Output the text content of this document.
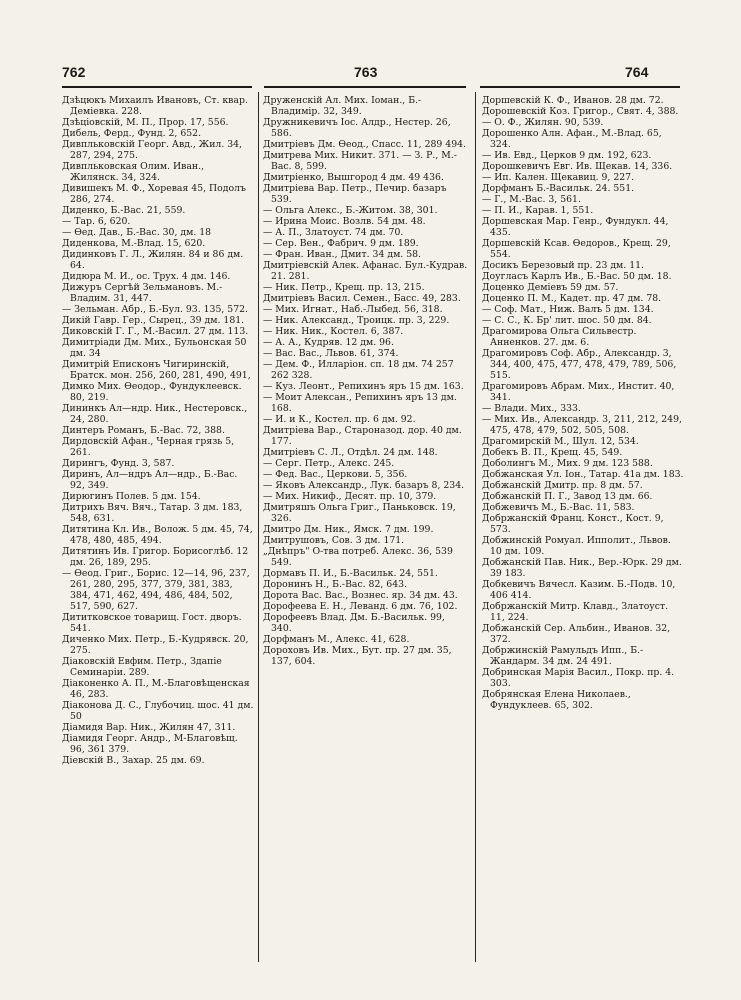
762	763	764

Дзѣцюкъ Михаилъ Ивановъ, Ст. квар. Деміевка. 228.

Дзѣціовскій, М. П., Прор. 17, 556.

Дибель, Ферд., Фунд. 2, 652.

Дивпльковскій Георг. Авд., Жил. 34, 287, 294, 275.

Дивпльковская Олим. Иван., Жилянск. 34, 324.

Дивишекъ М. Ф., Хоревая 45, Подолъ 286, 274.

Диденко, Б.-Вас. 21, 559.

— Тар. 6, 620.

— Ѳед. Дав., Б.-Вас. 30, дм. 18

Диденкова, М.-Влад. 15, 620.

Дидинковъ Г. Л., Жилян. 84 и 86 дм. 64.

Дидюра М. И., ос. Трух. 4 дм. 146.

Дижуръ Сергѣй Зельмановъ. М.-Владим. 31, 447.

— Зельман. Абр., Б.-Бул. 93. 135, 572.

Дикій Гавр. Гер., Сырец., 39 дм. 181.

Диковскій Г. Г., М.-Васил. 27 дм. 113.

Димитріади Дм. Мих., Бульонская 50 дм. 34

Димитрій Еписконъ Чигиринскій, Братск. мон. 256, 260, 281, 490, 491,

Димко Мих. Ѳеодор., Фундуклеевск. 80, 219.

Дининкъ Ал—ндр. Ник., Нестеровск., 24, 280.

Динтеръ Романъ, Б.-Вас. 72, 388.

Дирдовскій Афан., Черная грязь 5, 261.

Дирингъ, Фунд. 3, 587.

Диринъ, Ал—ндръ Ал—ндр., Б.-Вас. 92, 349.

Дирюгинъ Полев. 5 дм. 154.

Дитрихъ Вяч. Вяч., Татар. 3 дм. 183, 548, 631.

Дитятина Кл. Ив., Волож. 5 дм. 45, 74, 478, 480, 485, 494.

Дитятинъ Ив. Григор. Борисоглѣб. 12 дм. 26, 189, 295.

— Ѳеод. Григ., Борис. 12—14, 96, 237, 261, 280, 295, 377, 379, 381, 383, 384, 471, 462, 494, 486, 484, 502, 517, 590, 627.

Дититковское товарищ. Гост. дворъ. 541.

Диченко Мих. Петр., Б.-Кудрявск. 20, 275.

Діаковскій Евфим. Петр., Здапіе Семинаріи. 289.

Діаконенко А. П., М.-Благовѣщенская 46, 283.

Діаконова Д. С., Глубочиц. шос. 41 дм. 50

Діамидя Вар. Ник., Жилян 47, 311.

Діамидя Георг. Андр., М-Благовѣщ. 96, 361 379.

Діевскій В., Захар. 25 дм. 69.

Друженскій Ал. Мих. Іоман., Б.-Владимір. 32, 349.

Дружникевичъ Іос. Алдр., Нестер. 26, 586.

Дмитріевъ Дм. Ѳеод., Спасс. 11, 289 494.

Дмитрева Мих. Никит. 371. — З. Р., М.-Вас. 8, 599.

Дмитріенко, Вышгород 4 дм. 49 436.

Дмитріева Вар. Петр., Печир. базаръ 539.

— Ольга Алекс., Б.-Житом. 38, 301.

— Ирина Моис. Возлв. 54 дм. 48.

— А. П., Златоуст. 74 дм. 70.

— Сер. Вен., Фабрич. 9 дм. 189.

— Фран. Иван., Дмит. 34 дм. 58.

Дмитріевскій Алек. Афанас. Бул.-Кудрав. 21. 281.

— Ник. Петр., Крещ. пр. 13, 215.

Дмитріевъ Васил. Семен., Басс. 49, 283.

— Мих. Игнат., Наб.-Лыбед. 56, 318.

— Ник. Александ., Троицк. пр. 3, 229.

— Ник. Ник., Костел. 6, 387.

— А. А., Кудряв. 12 дм. 96.

— Вас. Вас., Львов. 61, 374.

— Дем. Ф., Илларіон. сп. 18 дм. 74 257 262 328.

— Куз. Леонт., Репихинъ яръ 15 дм. 163.

— Моит Алексан., Репихинъ яръ 13 дм. 168.

— И. и К., Костел. пр. 6 дм. 92.

Дмитріева Вар., Староназод. дор. 40 дм. 177.

Дмитріевъ С. Л., Отдѣл. 24 дм. 148.

— Серг. Петр., Алекс. 245.

— Фед. Вас., Церкови. 5, 356.

— Яковъ Александр., Лук. базаръ 8, 234.

— Мих. Никиф., Десят. пр. 10, 379.

Дмитряшъ Ольга Григ., Паньковск. 19, 326.

Дмитро Дм. Ник., Ямск. 7 дм. 199.

Дмитрушовъ, Сов. 3 дм. 171.

„Днѣпръ" О-тва потреб. Алекс. 36, 539 549.

Дормавъ П. И., Б.-Васильк. 24, 551.

Доронинъ Н., Б.-Вас. 82, 643.

Дорота Вас. Вас., Вознес. яр. 34 дм. 43.

Дорофеева Е. Н., Леванд. 6 дм. 76, 102.

Дорофеевъ Влад. Дм. Б.-Васильк. 99, 340.

Дорфманъ М., Алекс. 41, 628.

Дороховъ Ив. Мих., Бут. пр. 27 дм. 35, 137, 604.

Доршевскій К. Ф., Иванов. 28 дм. 72.

Дорошевскій Коз. Григор., Свят. 4, 388.

— О. Ф., Жилян. 90, 539.

Дорошенко Алн. Афан., М.-Влад. 65, 324.

— Ив. Евд., Церков 9 дм. 192, 623.

Дорошкевичъ Евг. Ив. Щекав. 14, 336.

— Ип. Кален. Щекавиц. 9, 227.

Дорфманъ Б.-Васильк. 24. 551.

— Г., М.-Вас. 3, 561.

— П. И., Карав. 1, 551.

Доршевская Мар. Генр., Фундукл. 44, 435.

Доршевскій Ксав. Ѳедоров., Крещ. 29, 554.

Досикъ Березовый пр. 23 дм. 11.

Доугласъ Карлъ Ив., Б.-Вас. 50 дм. 18.

Доценко Демiевъ 59 дм. 57.

Доценко П. М., Кадет. пр. 47 дм. 78.

— Соф. Мат., Ниж. Валъ 5 дм. 134.

— С. С., К. Бр' лит. шос. 50 дм. 84.

Драгомирова Ольга Сильвестр. Анненков. 27. дм. 6.

Драгомировъ Соф. Абр., Александр. 3, 344, 400, 475, 477, 478, 479, 789, 506, 515.

Драгомировъ Абрам. Мих., Инстит. 40, 341.

— Влади. Мих., 333.

— Мих. Ив., Александр. 3, 211, 212, 249, 475, 478, 479, 502, 505, 508.

Драгомирскій М., Шул. 12, 534.

Добекъ В. П., Крещ. 45, 549.

Доболингъ М., Мих. 9 дм. 123 588.

Добжанская Ул. Іон., Татар. 41а дм. 183.

Добжанскій Дмитр. пр. 8 дм. 57.

Добжанскій П. Г., Завод 13 дм. 66.

Добжевичъ М., Б.-Вас. 11, 583.

Добржанскій Франц. Конст., Кост. 9, 573.

Добжинскій Ромуал. Ипполит., Львов. 10 дм. 109.

Добжанскій Пав. Ник., Вер.-Юрк. 29 дм. 39 183.

Добкевичъ Вячесл. Казим. Б.-Подв. 10, 406 414.

Добржанскій Митр. Клавд., Златоуст. 11, 224.

Добжанскій Сер. Альбин., Иванов. 32, 372.

Добржинскій Рамульдъ Ипп., Б.-Жандарм. 34 дм. 24 491.

Добринская Марія Васил., Покр. пр. 4. 303.

Добрянская Елена Николаев., Фундуклеев. 65, 302.
